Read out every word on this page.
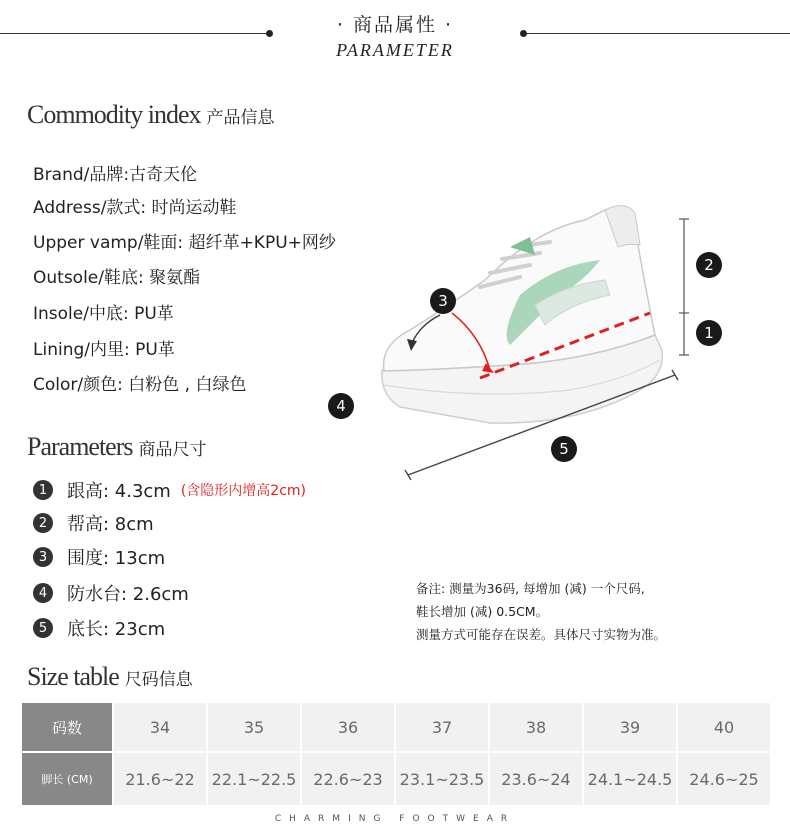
· 商品属性 ·
PARAMETER
Commodity index 产品信息
Brand/品牌:古奇天伦
Address/款式: 时尚运动鞋
Upper vamp/鞋面: 超纤革+KPU+网纱
Outsole/鞋底: 聚氨酯
Insole/中底: PU革
Lining/内里: PU革
Color/颜色: 白粉色 , 白绿色
3
2
1
4
5
Parameters 商品尺寸
1	跟高: 4.3cm (含隐形内增高2cm)
2	帮高: 8cm
3	围度: 13cm
4	防水台: 2.6cm
5	底长: 23cm
备注: 测量为36码, 每增加 (减) 一个尺码,
鞋长增加 (减) 0.5CM。
测量方式可能存在误差。具体尺寸实物为准。
Size table 尺码信息
码数	34	35	36	37	38	39	40
脚长 (CM)	21.6~22	22.1~22.5	22.6~23	23.1~23.5	23.6~24	24.1~24.5	24.6~25
CHARMING FOOTWEAR
